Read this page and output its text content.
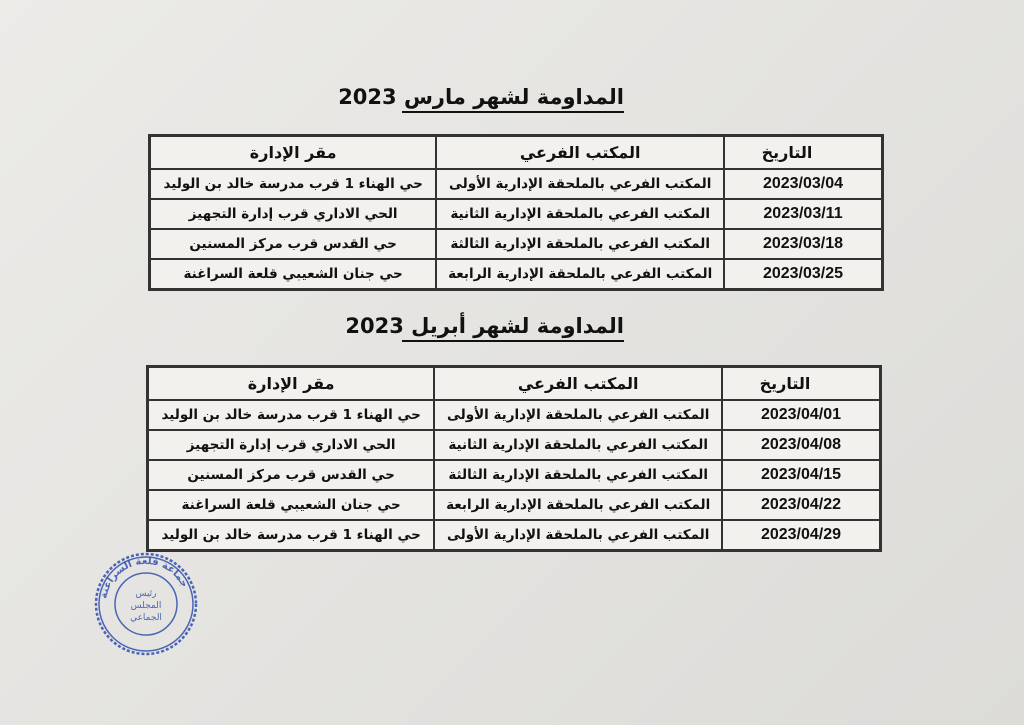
المداومة لشهر مارس 2023
التاريخ	المكتب الفرعي	مقر الإدارة
2023/03/04	المكتب الفرعي بالملحقة الإدارية الأولى	حي الهناء 1 قرب مدرسة خالد بن الوليد
2023/03/11	المكتب الفرعي بالملحقة الإدارية الثانية	الحي الاداري قرب إدارة التجهيز
2023/03/18	المكتب الفرعي بالملحقة الإدارية الثالثة	حي القدس قرب مركز المسنين
2023/03/25	المكتب الفرعي بالملحقة الإدارية الرابعة	حي جنان الشعيبي قلعة السراغنة
المداومة لشهر أبريل 2023
التاريخ	المكتب الفرعي	مقر الإدارة
2023/04/01	المكتب الفرعي بالملحقة الإدارية الأولى	حي الهناء 1 قرب مدرسة خالد بن الوليد
2023/04/08	المكتب الفرعي بالملحقة الإدارية الثانية	الحي الاداري قرب إدارة التجهيز
2023/04/15	المكتب الفرعي بالملحقة الإدارية الثالثة	حي القدس قرب مركز المسنين
2023/04/22	المكتب الفرعي بالملحقة الإدارية الرابعة	حي جنان الشعيبي قلعة السراغنة
2023/04/29	المكتب الفرعي بالملحقة الإدارية الأولى	حي الهناء 1 قرب مدرسة خالد بن الوليد
جماعة قلعة السراغنة
رئيس
المجلس
الجماعي
